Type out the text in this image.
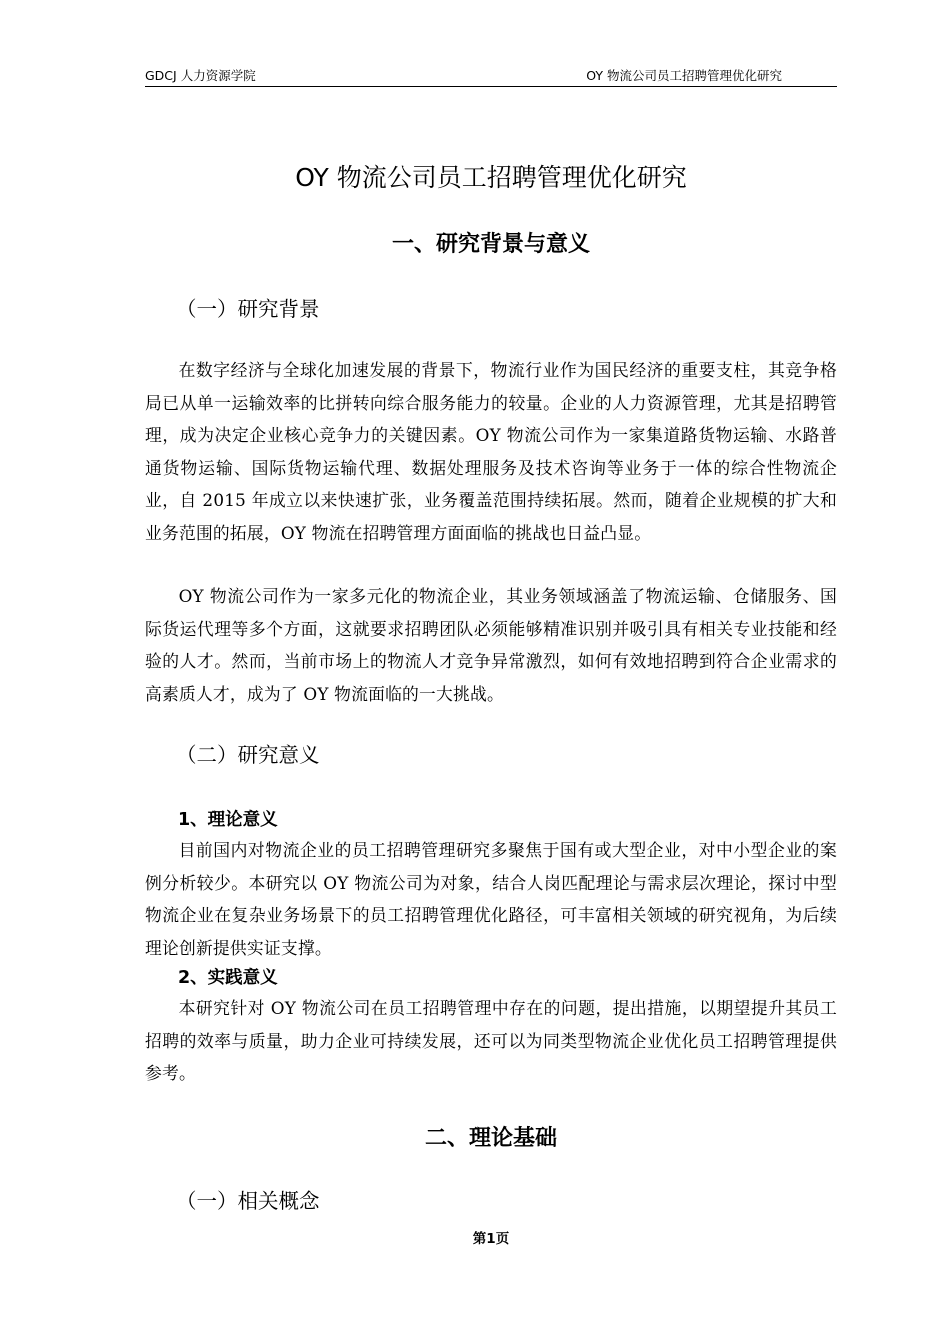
GDCJ 人力资源学院	OY 物流公司员工招聘管理优化研究
OY 物流公司员工招聘管理优化研究
一、研究背景与意义
（一）研究背景

在数字经济与全球化加速发展的背景下，物流行业作为国民经济的重要支柱，其竞争格局已从单一运输效率的比拼转向综合服务能力的较量。企业的人力资源管理，尤其是招聘管理，成为决定企业核心竞争力的关键因素。OY 物流公司作为一家集道路货物运输、水路普通货物运输、国际货物运输代理、数据处理服务及技术咨询等业务于一体的综合性物流企业，自 2015 年成立以来快速扩张，业务覆盖范围持续拓展。然而，随着企业规模的扩大和业务范围的拓展，OY 物流在招聘管理方面面临的挑战也日益凸显。

OY 物流公司作为一家多元化的物流企业，其业务领域涵盖了物流运输、仓储服务、国际货运代理等多个方面，这就要求招聘团队必须能够精准识别并吸引具有相关专业技能和经验的人才。然而，当前市场上的物流人才竞争异常激烈，如何有效地招聘到符合企业需求的高素质人才，成为了 OY 物流面临的一大挑战。

（二）研究意义
1、理论意义

目前国内对物流企业的员工招聘管理研究多聚焦于国有或大型企业，对中小型企业的案例分析较少。本研究以 OY 物流公司为对象，结合人岗匹配理论与需求层次理论，探讨中型物流企业在复杂业务场景下的员工招聘管理优化路径，可丰富相关领域的研究视角，为后续理论创新提供实证支撑。

2、实践意义

本研究针对 OY 物流公司在员工招聘管理中存在的问题，提出措施，以期望提升其员工招聘的效率与质量，助力企业可持续发展，还可以为同类型物流企业优化员工招聘管理提供参考。

二、理论基础
（一）相关概念
第1页
